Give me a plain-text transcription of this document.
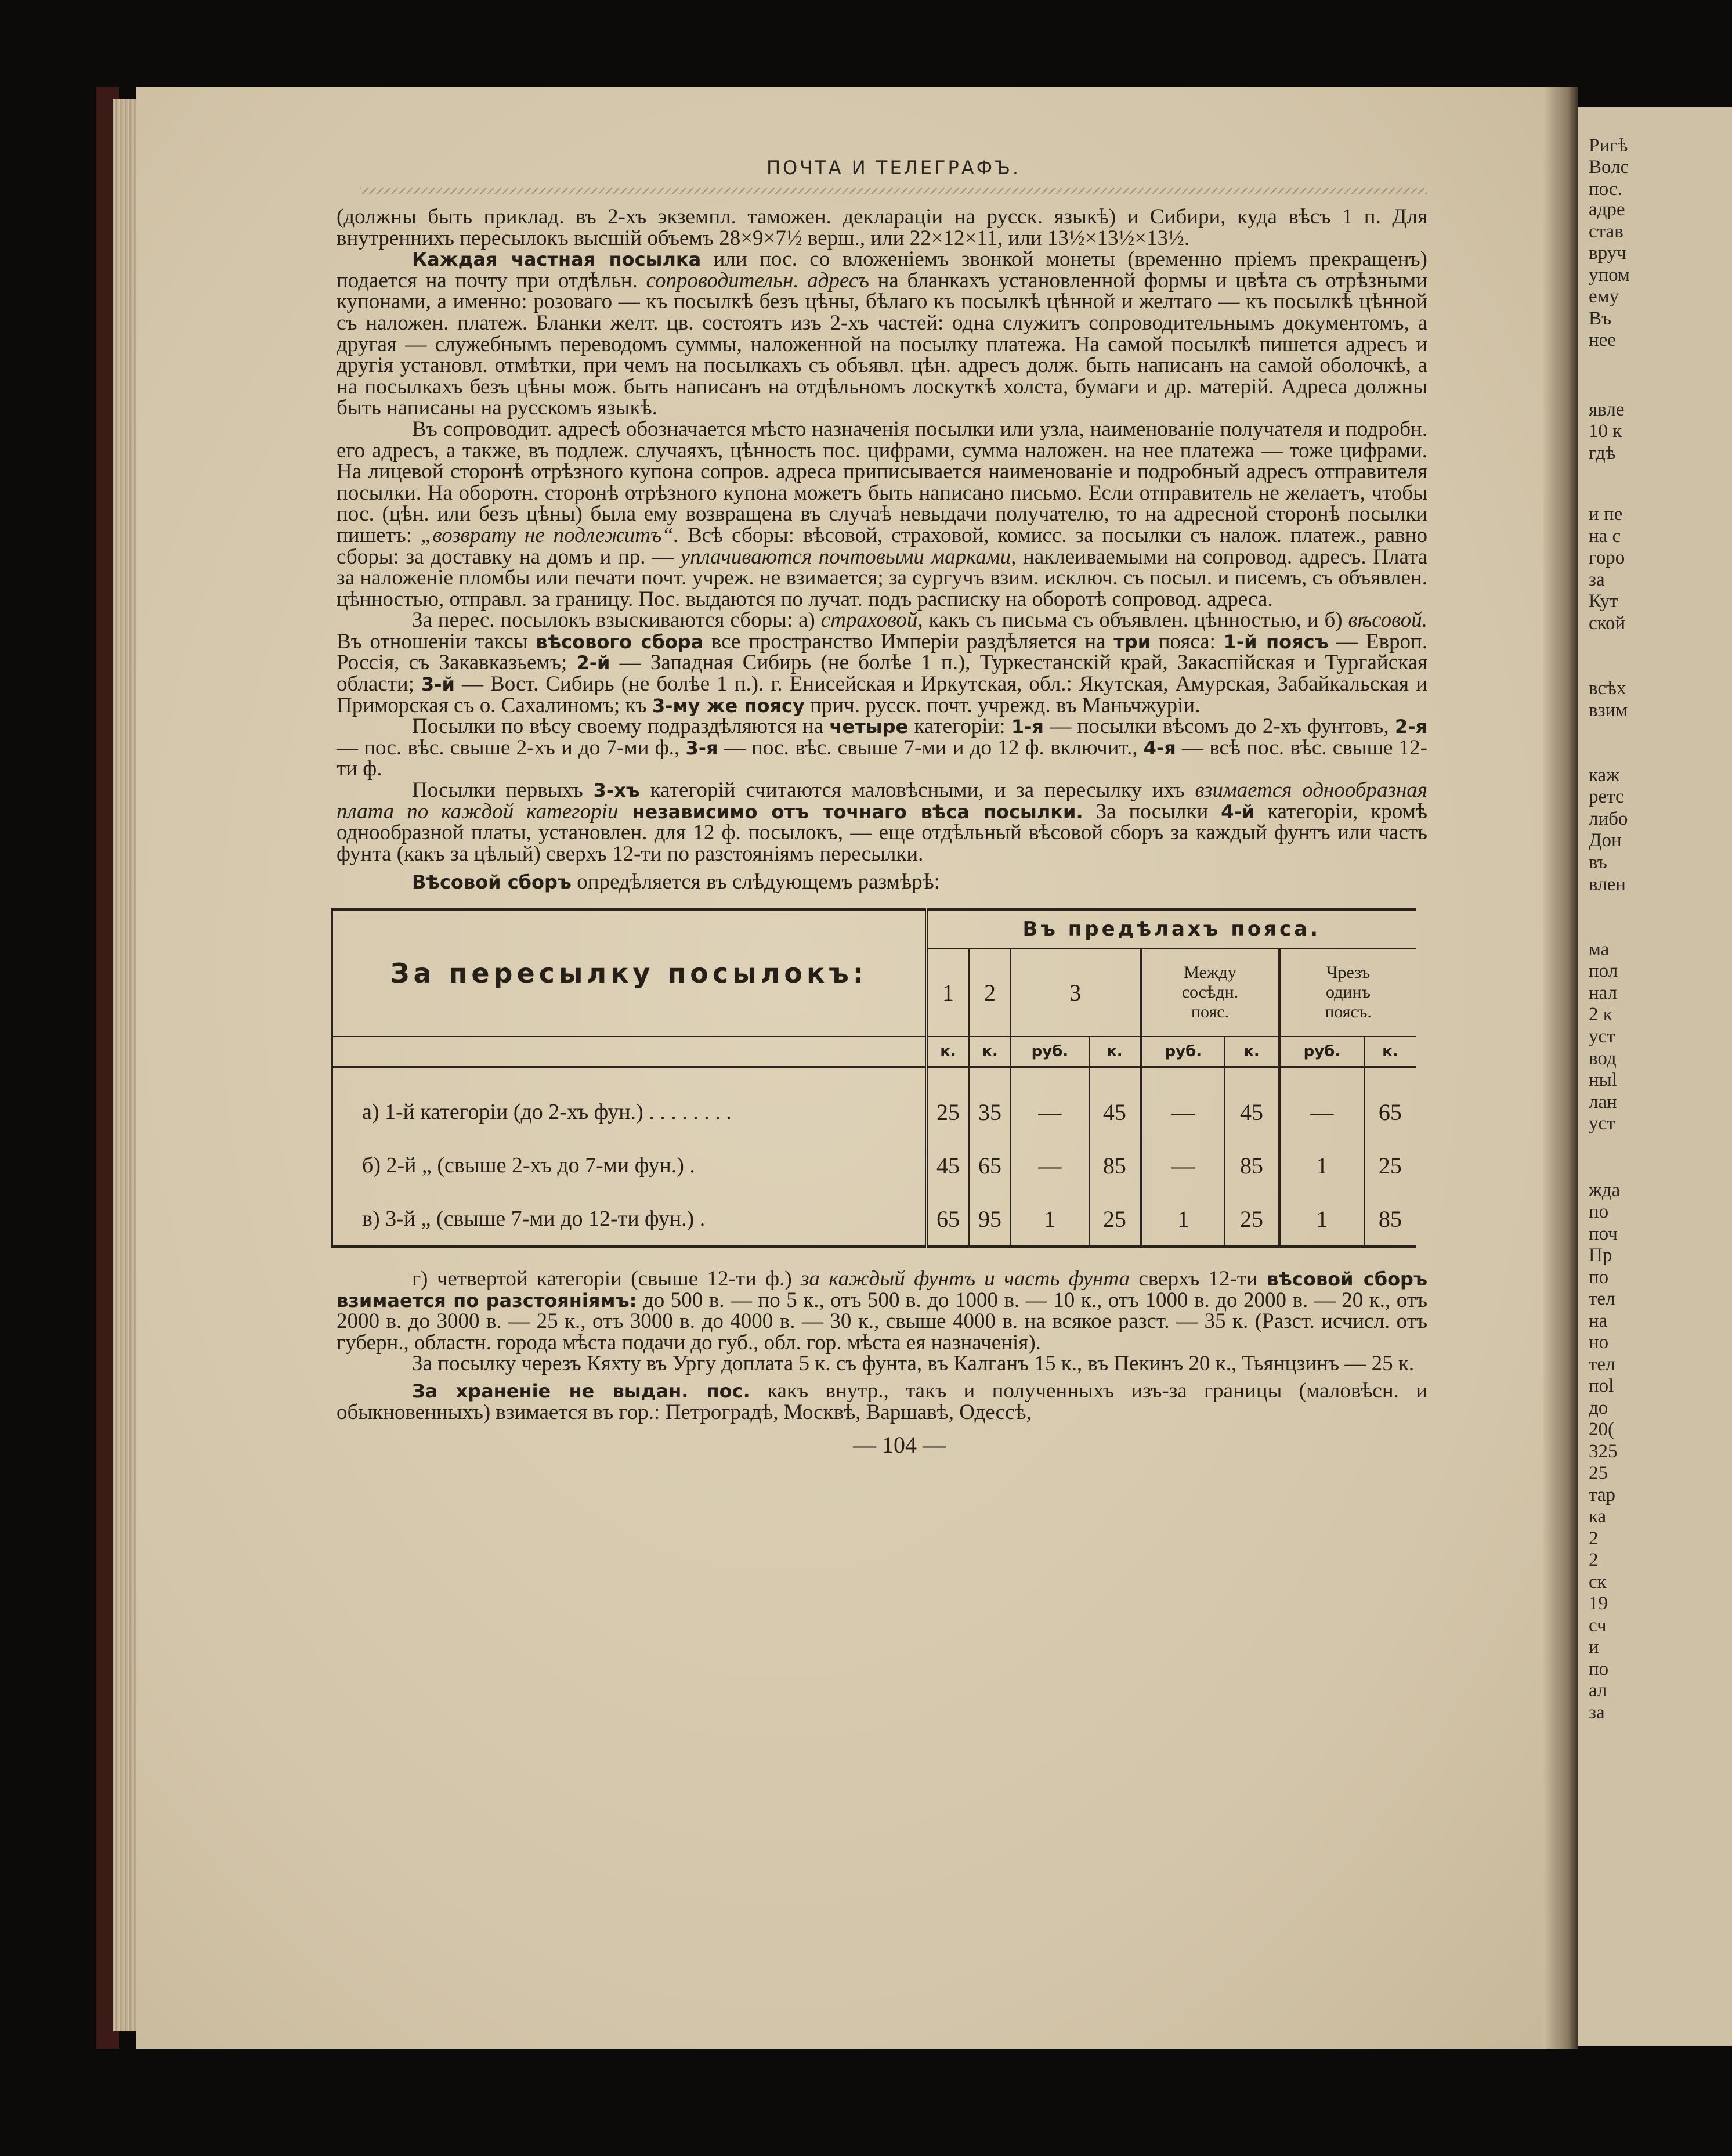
Ригѣ
Волс
пос.
адре
став
вруч
упом
ему
Въ
нее
явле
10 к
гдѣ
и пе
на с
горо
за
Кут
ской
всѣх
взим
каж
ретс
либо
Дон
въ
влен
ма
пол
нал
2 к
уст
вод
ныl
лан
уст
жда
по
поч
Пр
по
тел
на
но
тел
поl
до
20(
325
25
тар
ка
2
2
ск
19
сч
и
по
ал
за
ПОЧТА И ТЕЛЕГРАФЪ.

(должны быть приклад. въ 2-хъ экземпл. таможен. деклараціи на русск. языкѣ) и Сибири, куда вѣсъ 1 п. Для внутреннихъ пересылокъ высшій объемъ 28×9×7½ верш., или 22×12×11, или 13½×13½×13½.

Каждая частная посылка или пос. со вложеніемъ звонкой монеты (временно пріемъ прекращенъ) подается на почту при отдѣльн. сопроводительн. адресъ на бланкахъ установленной формы и цвѣта съ отрѣзными купонами, а именно: розоваго — къ посылкѣ безъ цѣны, бѣлаго къ посылкѣ цѣнной и желтаго — къ посылкѣ цѣнной съ наложен. платеж. Бланки желт. цв. состоятъ изъ 2-хъ частей: одна служитъ сопроводительнымъ документомъ, а другая — служебнымъ переводомъ суммы, наложенной на посылку платежа. На самой посылкѣ пишется адресъ и другія установл. отмѣтки, при чемъ на посылкахъ съ объявл. цѣн. адресъ долж. быть написанъ на самой оболочкѣ, а на посылкахъ безъ цѣны мож. быть написанъ на отдѣльномъ лоскуткѣ холста, бумаги и др. матерій. Адреса должны быть написаны на русскомъ языкѣ.

Въ сопроводит. адресѣ обозначается мѣсто назначенія посылки или узла, наименованіе получателя и подробн. его адресъ, а также, въ подлеж. случаяхъ, цѣнность пос. цифрами, сумма наложен. на нее платежа — тоже цифрами. На лицевой сторонѣ отрѣзного купона сопров. адреса приписывается наименованіе и подробный адресъ отправителя посылки. На оборотн. сторонѣ отрѣзного купона можетъ быть написано письмо. Если отправитель не желаетъ, чтобы пос. (цѣн. или безъ цѣны) была ему возвращена въ случаѣ невыдачи получателю, то на адресной сторонѣ посылки пишетъ: „возврату не подлежитъ“. Всѣ сборы: вѣсовой, страховой, комисс. за посылки съ налож. платеж., равно сборы: за доставку на домъ и пр. — уплачиваются почтовыми марками, наклеиваемыми на сопровод. адресъ. Плата за наложеніе пломбы или печати почт. учреж. не взимается; за сургучъ взим. исключ. съ посыл. и писемъ, съ объявлен. цѣнностью, отправл. за границу. Пос. выдаются по лучат. подъ расписку на оборотѣ сопровод. адреса.

За перес. посылокъ взыскиваются сборы: а) страховой, какъ съ письма съ объявлен. цѣнностью, и б) вѣсовой. Въ отношеніи таксы вѣсового сбора все пространство Имперіи раздѣляется на три пояса: 1-й поясъ — Европ. Россія, съ Закавказьемъ; 2-й — Западная Сибирь (не болѣе 1 п.), Туркестанскій край, Закаспійская и Тургайская области; 3-й — Вост. Сибирь (не болѣе 1 п.). г. Енисейская и Иркутская, обл.: Якутская, Амурская, Забайкальская и Приморская съ о. Сахалиномъ; къ 3-му же поясу прич. русск. почт. учрежд. въ Маньчжуріи.

Посылки по вѣсу своему подраздѣляются на четыре категоріи: 1-я — посылки вѣсомъ до 2-хъ фунтовъ, 2-я — пос. вѣс. свыше 2-хъ и до 7-ми ф., 3-я — пос. вѣс. свыше 7-ми и до 12 ф. включит., 4-я — всѣ пос. вѣс. свыше 12-ти ф.

Посылки первыхъ 3-хъ категорій считаются маловѣсными, и за пересылку ихъ взимается однообразная плата по каждой категоріи независимо отъ точнаго вѣса посылки. За посылки 4-й категоріи, кромѣ однообразной платы, установлен. для 12 ф. посылокъ, — еще отдѣльный вѣсовой сборъ за каждый фунтъ или часть фунта (какъ за цѣлый) сверхъ 12-ти по разстояніямъ пересылки.

Вѣсовой сборъ опредѣляется въ слѣдующемъ размѣрѣ:

За пересылку посылокъ:	Въ предѣлахъ пояса.							
	1	2	3		Между
сосѣдн.
пояс.		Чрезъ
одинъ
поясъ.	
	к.	к.	руб.	к.	руб.	к.	руб.	к.

а) 1-й категоріи (до 2-хъ фун.) . . . . . . . .	25	35	—	45	—	45	—	65
б) 2-й „ (свыше 2-хъ до 7-ми фун.) .	45	65	—	85	—	85	1	25
в) 3-й „ (свыше 7-ми до 12-ти фун.) .	65	95	1	25	1	25	1	85

г) четвертой категоріи (свыше 12-ти ф.) за каждый фунтъ и часть фунта сверхъ 12-ти вѣсовой сборъ взимается по разстояніямъ: до 500 в. — по 5 к., отъ 500 в. до 1000 в. — 10 к., отъ 1000 в. до 2000 в. — 20 к., отъ 2000 в. до 3000 в. — 25 к., отъ 3000 в. до 4000 в. — 30 к., свыше 4000 в. на всякое разст. — 35 к. (Разст. исчисл. отъ губерн., областн. города мѣста подачи до губ., обл. гор. мѣста ея назначенія).

За посылку черезъ Кяхту въ Ургу доплата 5 к. съ фунта, въ Калганъ 15 к., въ Пекинъ 20 к., Тьянцзинъ — 25 к.

За храненіе не выдан. пос. какъ внутр., такъ и полученныхъ изъ-за границы (маловѣсн. и обыкновенныхъ) взимается въ гор.: Петроградѣ, Москвѣ, Варшавѣ, Одессѣ,

— 104 —
